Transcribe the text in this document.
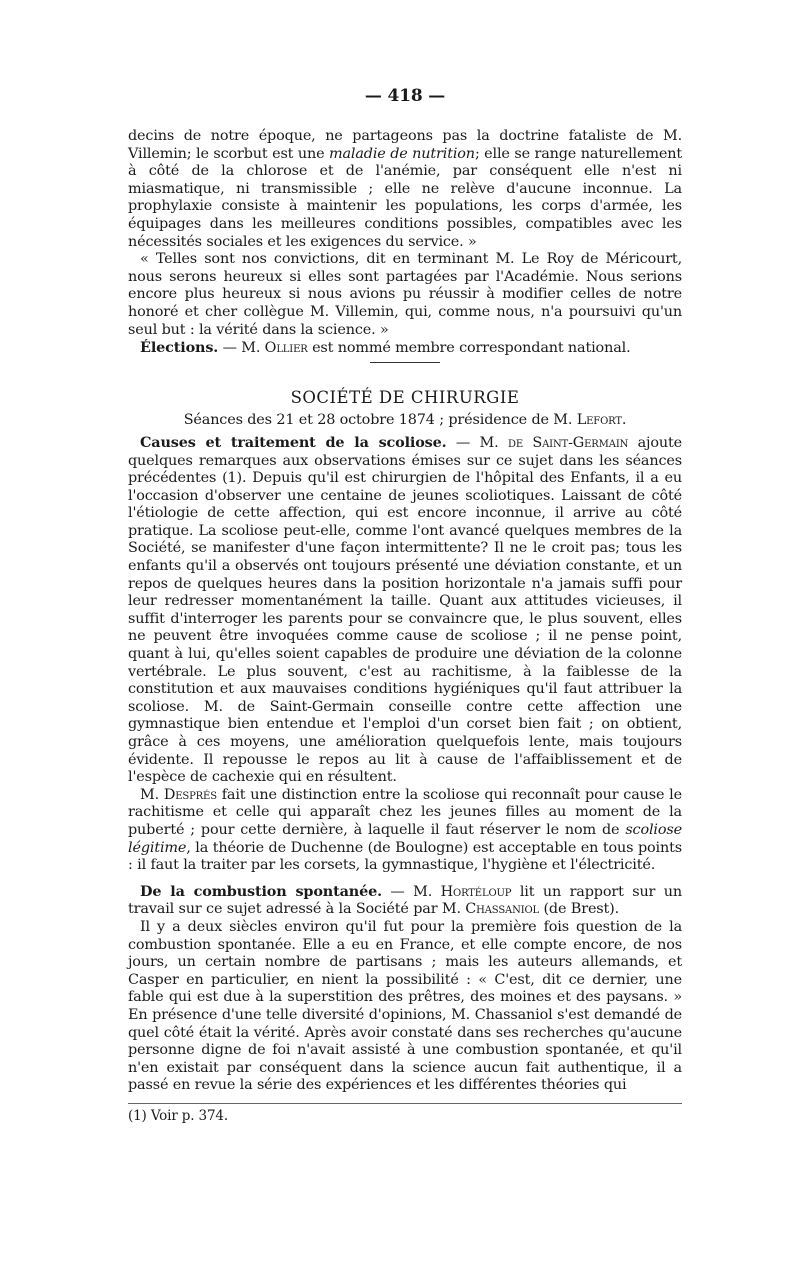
— 418 —

decins de notre époque, ne partageons pas la doctrine fataliste de M. Villemin; le scorbut est une maladie de nutrition; elle se range naturellement à côté de la chlorose et de l'anémie, par conséquent elle n'est ni miasmatique, ni transmissible ; elle ne relève d'aucune inconnue. La prophylaxie consiste à maintenir les populations, les corps d'armée, les équipages dans les meilleures conditions possibles, compatibles avec les nécessités sociales et les exigences du service. »

« Telles sont nos convictions, dit en terminant M. Le Roy de Méricourt, nous serons heureux si elles sont partagées par l'Académie. Nous serions encore plus heureux si nous avions pu réussir à modifier celles de notre honoré et cher collègue M. Villemin, qui, comme nous, n'a poursuivi qu'un seul but : la vérité dans la science. »

Élections. — M. Ollier est nommé membre correspondant national.

SOCIÉTÉ DE CHIRURGIE
Séances des 21 et 28 octobre 1874 ; présidence de M. Lefort.

Causes et traitement de la scoliose. — M. de Saint-Germain ajoute quelques remarques aux observations émises sur ce sujet dans les séances précédentes (1). Depuis qu'il est chirurgien de l'hôpital des Enfants, il a eu l'occasion d'observer une centaine de jeunes scoliotiques. Laissant de côté l'étiologie de cette affection, qui est encore inconnue, il arrive au côté pratique. La scoliose peut-elle, comme l'ont avancé quelques membres de la Société, se manifester d'une façon intermittente? Il ne le croit pas; tous les enfants qu'il a observés ont toujours présenté une déviation constante, et un repos de quelques heures dans la position horizontale n'a jamais suffi pour leur redresser momentanément la taille. Quant aux attitudes vicieuses, il suffit d'interroger les parents pour se convaincre que, le plus souvent, elles ne peuvent être invoquées comme cause de scoliose ; il ne pense point, quant à lui, qu'elles soient capables de produire une déviation de la colonne vertébrale. Le plus souvent, c'est au rachitisme, à la faiblesse de la constitution et aux mauvaises conditions hygiéniques qu'il faut attribuer la scoliose. M. de Saint-Germain conseille contre cette affection une gymnastique bien entendue et l'emploi d'un corset bien fait ; on obtient, grâce à ces moyens, une amélioration quelquefois lente, mais toujours évidente. Il repousse le repos au lit à cause de l'affaiblissement et de l'espèce de cachexie qui en résultent.

M. Després fait une distinction entre la scoliose qui reconnaît pour cause le rachitisme et celle qui apparaît chez les jeunes filles au moment de la puberté ; pour cette dernière, à laquelle il faut réserver le nom de scoliose légitime, la théorie de Duchenne (de Boulogne) est acceptable en tous points : il faut la traiter par les corsets, la gymnastique, l'hygiène et l'électricité.

De la combustion spontanée. — M. Hortéloup lit un rapport sur un travail sur ce sujet adressé à la Société par M. Chassaniol (de Brest).

Il y a deux siècles environ qu'il fut pour la première fois question de la combustion spontanée. Elle a eu en France, et elle compte encore, de nos jours, un certain nombre de partisans ; mais les auteurs allemands, et Casper en particulier, en nient la possibilité : « C'est, dit ce dernier, une fable qui est due à la superstition des prêtres, des moines et des paysans. » En présence d'une telle diversité d'opinions, M. Chassaniol s'est demandé de quel côté était la vérité. Après avoir constaté dans ses recherches qu'aucune personne digne de foi n'avait assisté à une combustion spontanée, et qu'il n'en existait par conséquent dans la science aucun fait authentique, il a passé en revue la série des expériences et les différentes théories qui

(1) Voir p. 374.
